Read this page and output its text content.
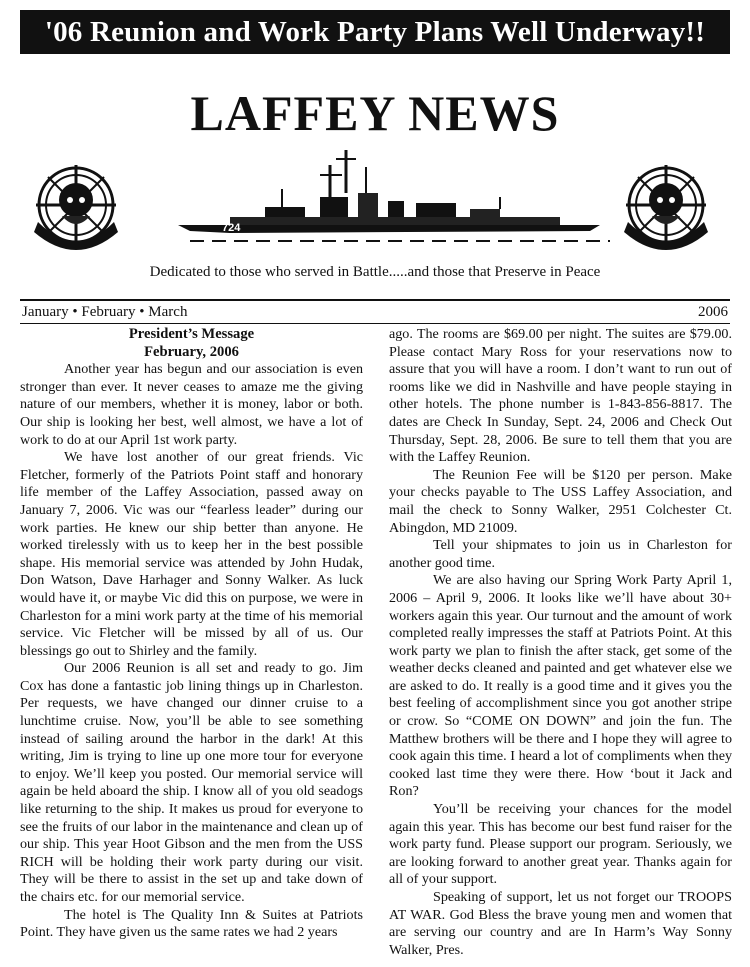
'06 Reunion and Work Party Plans Well Underway!!
LAFFEY NEWS
724
Dedicated to those who served in Battle.....and those that Preserve in Peace
January • February • March	2006
President’s Message
February, 2006

Another year has begun and our association is even stronger than ever. It never ceases to amaze me the giving nature of our members, whether it is money, labor or both. Our ship is looking her best, well almost, we have a lot of work to do at our April 1st work party.

We have lost another of our great friends. Vic Fletcher, formerly of the Patriots Point staff and honorary life member of the Laffey Association, passed away on January 7, 2006. Vic was our “fearless leader” during our work parties. He knew our ship better than anyone. He worked tirelessly with us to keep her in the best possible shape. His memorial service was attended by John Hudak, Don Watson, Dave Harhager and Sonny Walker. As luck would have it, or maybe Vic did this on purpose, we were in Charleston for a mini work party at the time of his memorial service. Vic Fletcher will be missed by all of us. Our blessings go out to Shirley and the family.

Our 2006 Reunion is all set and ready to go. Jim Cox has done a fantastic job lining things up in Charleston. Per requests, we have changed our dinner cruise to a lunchtime cruise. Now, you’ll be able to see something instead of sailing around the harbor in the dark! At this writing, Jim is trying to line up one more tour for everyone to enjoy. We’ll keep you posted. Our memorial service will again be held aboard the ship. I know all of you old seadogs like returning to the ship. It makes us proud for everyone to see the fruits of our labor in the maintenance and clean up of our ship. This year Hoot Gibson and the men from the USS RICH will be holding their work party during our visit. They will be there to assist in the set up and take down of the chairs etc. for our memorial service.

The hotel is The Quality Inn & Suites at Patriots Point. They have given us the same rates we had 2 years

ago. The rooms are $69.00 per night. The suites are $79.00. Please contact Mary Ross for your reservations now to assure that you will have a room. I don’t want to run out of rooms like we did in Nashville and have people staying in other hotels. The phone number is 1-843-856-8817. The dates are Check In Sunday, Sept. 24, 2006 and Check Out Thursday, Sept. 28, 2006. Be sure to tell them that you are with the Laffey Reunion.

The Reunion Fee will be $120 per person. Make your checks payable to The USS Laffey Association, and mail the check to Sonny Walker, 2951 Colchester Ct. Abingdon, MD 21009.

Tell your shipmates to join us in Charleston for another good time.

We are also having our Spring Work Party April 1, 2006 – April 9, 2006. It looks like we’ll have about 30+ workers again this year. Our turnout and the amount of work completed really impresses the staff at Patriots Point. At this work party we plan to finish the after stack, get some of the weather decks cleaned and painted and get whatever else we are asked to do. It really is a good time and it gives you the best feeling of accomplishment since you got another stripe or crow. So “COME ON DOWN” and join the fun. The Matthew brothers will be there and I hope they will agree to cook again this time. I heard a lot of compliments when they cooked last time they were there. How ‘bout it Jack and Ron?

You’ll be receiving your chances for the model again this year. This has become our best fund raiser for the work party fund. Please support our program. Seriously, we are looking forward to another great year. Thanks again for all of your support.

Speaking of support, let us not forget our TROOPS AT WAR. God Bless the brave young men and women that are serving our country and are In Harm’s Way Sonny Walker, Pres.
